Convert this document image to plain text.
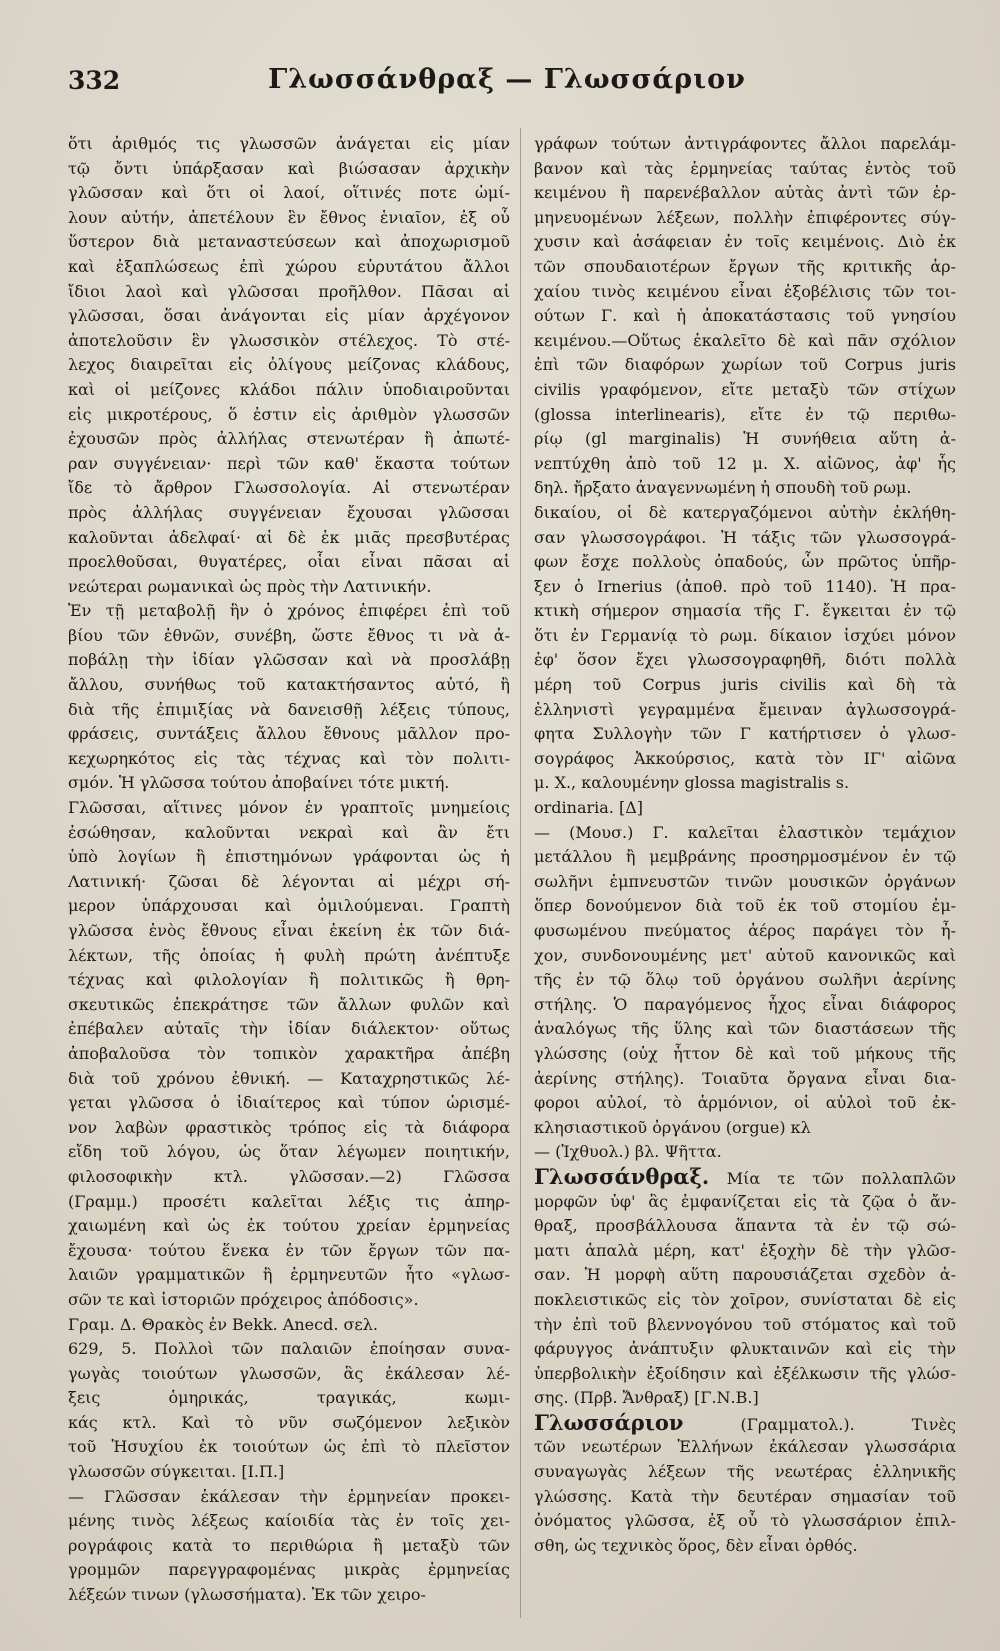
332	Γλωσσάνθραξ — Γλωσσάριον
ὅτι ἀριθμός τις γλωσσῶν ἀνάγεται εἰς μίαν
τῷ ὄντι ὑπάρξασαν καὶ βιώσασαν ἀρχικὴν
γλῶσσαν καὶ ὅτι οἱ λαοί, οἵτινές ποτε ὡμί-
λουν αὐτήν, ἀπετέλουν ἓν ἔθνος ἑνιαῖον, ἐξ οὗ
ὕστερον διὰ μεταναστεύσεων καὶ ἀποχωρισμοῦ
καὶ ἐξαπλώσεως ἐπὶ χώρου εὐρυτάτου ἄλλοι
ἴδιοι λαοὶ καὶ γλῶσσαι προῆλθον. Πᾶσαι αἱ
γλῶσσαι, ὅσαι ἀνάγονται εἰς μίαν ἀρχέγονον
ἀποτελοῦσιν ἓν γλωσσικὸν στέλεχος. Τὸ στέ-
λεχος διαιρεῖται εἰς ὀλίγους μείζονας κλάδους,
καὶ οἱ μείζονες κλάδοι πάλιν ὑποδιαιροῦνται
εἰς μικροτέρους, ὅ ἐστιν εἰς ἀριθμὸν γλωσσῶν
ἐχουσῶν πρὸς ἀλλήλας στενωτέραν ἢ ἀπωτέ-
ραν συγγένειαν· περὶ τῶν καθ' ἕκαστα τούτων
ἴδε τὸ ἄρθρον Γλωσσολογία. Αἱ στενωτέραν
πρὸς ἀλλήλας συγγένειαν ἔχουσαι γλῶσσαι
καλοῦνται ἀδελφαί· αἱ δὲ ἐκ μιᾶς πρεσβυτέρας
προελθοῦσαι, θυγατέρες, οἷαι εἶναι πᾶσαι αἱ
νεώτεραι ρωμανικαὶ ὡς πρὸς τὴν Λατινικήν.
Ἐν τῇ μεταβολῇ ἣν ὁ χρόνος ἐπιφέρει ἐπὶ τοῦ
βίου τῶν ἐθνῶν, συνέβη, ὥστε ἔθνος τι νὰ ἀ-
ποβάλῃ τὴν ἰδίαν γλῶσσαν καὶ νὰ προσλάβῃ
ἄλλου, συνήθως τοῦ κατακτήσαντος αὐτό, ἢ
διὰ τῆς ἐπιμιξίας νὰ δανεισθῇ λέξεις τύπους,
φράσεις, συντάξεις ἄλλου ἔθνους μᾶλλον προ-
κεχωρηκότος εἰς τὰς τέχνας καὶ τὸν πολιτι-
σμόν. Ἡ γλῶσσα τούτου ἀποβαίνει τότε μικτή.
Γλῶσσαι, αἵτινες μόνον ἐν γραπτοῖς μνημείοις
ἐσώθησαν, καλοῦνται νεκραὶ καὶ ἂν ἔτι
ὑπὸ λογίων ἢ ἐπιστημόνων γράφονται ὡς ἡ
Λατινική· ζῶσαι δὲ λέγονται αἱ μέχρι σή-
μερον ὑπάρχουσαι καὶ ὁμιλούμεναι. Γραπτὴ
γλῶσσα ἑνὸς ἔθνους εἶναι ἐκείνη ἐκ τῶν διά-
λέκτων, τῆς ὁποίας ἡ φυλὴ πρώτη ἀνέπτυξε
τέχνας καὶ φιλολογίαν ἢ πολιτικῶς ἢ θρη-
σκευτικῶς ἐπεκράτησε τῶν ἄλλων φυλῶν καὶ
ἐπέβαλεν αὐταῖς τὴν ἰδίαν διάλεκτον· οὕτως
ἀποβαλοῦσα τὸν τοπικὸν χαρακτῆρα ἀπέβη
διὰ τοῦ χρόνου ἐθνική. — Καταχρηστικῶς λέ-
γεται γλῶσσα ὁ ἰδιαίτερος καὶ τύπον ὡρισμέ-
νον λαβὼν φραστικὸς τρόπος εἰς τὰ διάφορα
εἴδη τοῦ λόγου, ὡς ὅταν λέγωμεν ποιητικήν,
φιλοσοφικὴν κτλ. γλῶσσαν.—2) Γλῶσσα
(Γραμμ.) προσέτι καλεῖται λέξις τις ἀπηρ-
χαιωμένη καὶ ὡς ἐκ τούτου χρείαν ἑρμηνείας
ἔχουσα· τούτου ἕνεκα ἐν τῶν ἔργων τῶν πα-
λαιῶν γραμματικῶν ἢ ἑρμηνευτῶν ἦτο «γλωσ-
σῶν τε καὶ ἱστοριῶν πρόχειρος ἀπόδοσις».
Γραμ. Δ. Θρακὸς ἐν Bekk. Anecd. σελ.
629, 5. Πολλοὶ τῶν παλαιῶν ἐποίησαν συνα-
γωγὰς τοιούτων γλωσσῶν, ἃς ἐκάλεσαν λέ-
ξεις ὁμηρικάς, τραγικάς, κωμι-
κάς κτλ. Καὶ τὸ νῦν σωζόμενον λεξικὸν
τοῦ Ἡσυχίου ἐκ τοιούτων ὡς ἐπὶ τὸ πλεῖστον
γλωσσῶν σύγκειται. [Ι.Π.]
— Γλῶσσαν ἐκάλεσαν τὴν ἑρμηνείαν προκει-
μένης τινὸς λέξεως καίοιδία τὰς ἐν τοῖς χει-
ρογράφοις κατὰ το περιθώρια ἢ μεταξὺ τῶν
γρομμῶν παρεγγραφομένας μικρὰς ἑρμηνείας
λέξεών τινων (γλωσσήματα). Ἐκ τῶν χειρο-
γράφων τούτων ἀντιγράφοντες ἄλλοι παρελάμ-
βανον καὶ τὰς ἑρμηνείας ταύτας ἐντὸς τοῦ
κειμένου ἢ παρενέβαλλον αὐτὰς ἀντὶ τῶν ἑρ-
μηνευομένων λέξεων, πολλὴν ἐπιφέροντες σύγ-
χυσιν καὶ ἀσάφειαν ἐν τοῖς κειμένοις. Διὸ ἐκ
τῶν σπουδαιοτέρων ἔργων τῆς κριτικῆς ἀρ-
χαίου τινὸς κειμένου εἶναι ἐξοβέλισις τῶν τοι-
ούτων Γ. καὶ ἡ ἀποκατάστασις τοῦ γνησίου
κειμένου.—Οὕτως ἐκαλεῖτο δὲ καὶ πᾶν σχόλιον
ἐπὶ τῶν διαφόρων χωρίων τοῦ Corpus juris
civilis γραφόμενον, εἴτε μεταξὺ τῶν στίχων
(glossa interlinearis), εἴτε ἐν τῷ περιθω-
ρίῳ (gl marginalis) Ἡ συνήθεια αὕτη ἀ-
νεπτύχθη ἀπὸ τοῦ 12 μ. Χ. αἰῶνος, ἀφ' ἧς
δηλ. ἤρξατο ἀναγεννωμένη ἡ σπουδὴ τοῦ ρωμ.
δικαίου, οἱ δὲ κατεργαζόμενοι αὐτὴν ἐκλήθη-
σαν γλωσσογράφοι. Ἡ τάξις τῶν γλωσσογρά-
φων ἔσχε πολλοὺς ὀπαδούς, ὧν πρῶτος ὑπῆρ-
ξεν ὁ Irnerius (ἀποθ. πρὸ τοῦ 1140). Ἡ πρα-
κτικὴ σήμερον σημασία τῆς Γ. ἔγκειται ἐν τῷ
ὅτι ἐν Γερμανίᾳ τὸ ρωμ. δίκαιον ἰσχύει μόνον
ἐφ' ὅσον ἔχει γλωσσογραφηθῆ, διότι πολλὰ
μέρη τοῦ Corpus juris civilis καὶ δὴ τὰ
ἑλληνιστὶ γεγραμμένα ἔμειναν ἀγλωσσογρά-
φητα Συλλογὴν τῶν Γ κατήρτισεν ὁ γλωσ-
σογράφος Ἀκκούρσιος, κατὰ τὸν ΙΓ' αἰῶνα
μ. Χ., καλουμένην glossa magistralis s.
ordinaria. [Δ]
— (Μουσ.) Γ. καλεῖται ἐλαστικὸν τεμάχιον
μετάλλου ἢ μεμβράνης προσηρμοσμένον ἐν τῷ
σωλῆνι ἐμπνευστῶν τινῶν μουσικῶν ὀργάνων
ὅπερ δονούμενον διὰ τοῦ ἐκ τοῦ στομίου ἐμ-
φυσωμένου πνεύματος ἀέρος παράγει τὸν ἦ-
χον, συνδονουμένης μετ' αὐτοῦ κανονικῶς καὶ
τῆς ἐν τῷ ὅλῳ τοῦ ὀργάνου σωλῆνι ἀερίνης
στήλης. Ὁ παραγόμενος ἦχος εἶναι διάφορος
ἀναλόγως τῆς ὕλης καὶ τῶν διαστάσεων τῆς
γλώσσης (οὐχ ἧττον δὲ καὶ τοῦ μήκους τῆς
ἀερίνης στήλης). Τοιαῦτα ὄργανα εἶναι δια-
φοροι αὐλοί, τὸ ἁρμόνιον, οἱ αὐλοὶ τοῦ ἐκ-
κλησιαστικοῦ ὀργάνου (orgue) κλ
— (Ἰχθυολ.) βλ. Ψῆττα.
Γλωσσάνθραξ. Μία τε τῶν πολλαπλῶν
μορφῶν ὑφ' ἃς ἐμφανίζεται εἰς τὰ ζῷα ὁ ἄν-
θραξ, προσβάλλουσα ἅπαντα τὰ ἐν τῷ σώ-
ματι ἁπαλὰ μέρη, κατ' ἐξοχὴν δὲ τὴν γλῶσ-
σαν. Ἡ μορφὴ αὕτη παρουσιάζεται σχεδὸν ἀ-
ποκλειστικῶς εἰς τὸν χοῖρον, συνίσταται δὲ εἰς
τὴν ἐπὶ τοῦ βλεννογόνου τοῦ στόματος καὶ τοῦ
φάρυγγος ἀνάπτυξιν φλυκταινῶν καὶ εἰς τὴν
ὑπερβολικὴν ἐξοίδησιν καὶ ἐξέλκωσιν τῆς γλώσ-
σης. (Πρβ. Ἄνθραξ) [Γ.Ν.Β.]
Γλωσσάριον (Γραμματολ.). Τινὲς
τῶν νεωτέρων Ἑλλήνων ἐκάλεσαν γλωσσάρια
συναγωγὰς λέξεων τῆς νεωτέρας ἑλληνικῆς
γλώσσης. Κατὰ τὴν δευτέραν σημασίαν τοῦ
ὀνόματος γλῶσσα, ἐξ οὗ τὸ γλωσσάριον ἐπιλ-
σθη, ὡς τεχνικὸς ὅρος, δὲν εἶναι ὀρθός.
